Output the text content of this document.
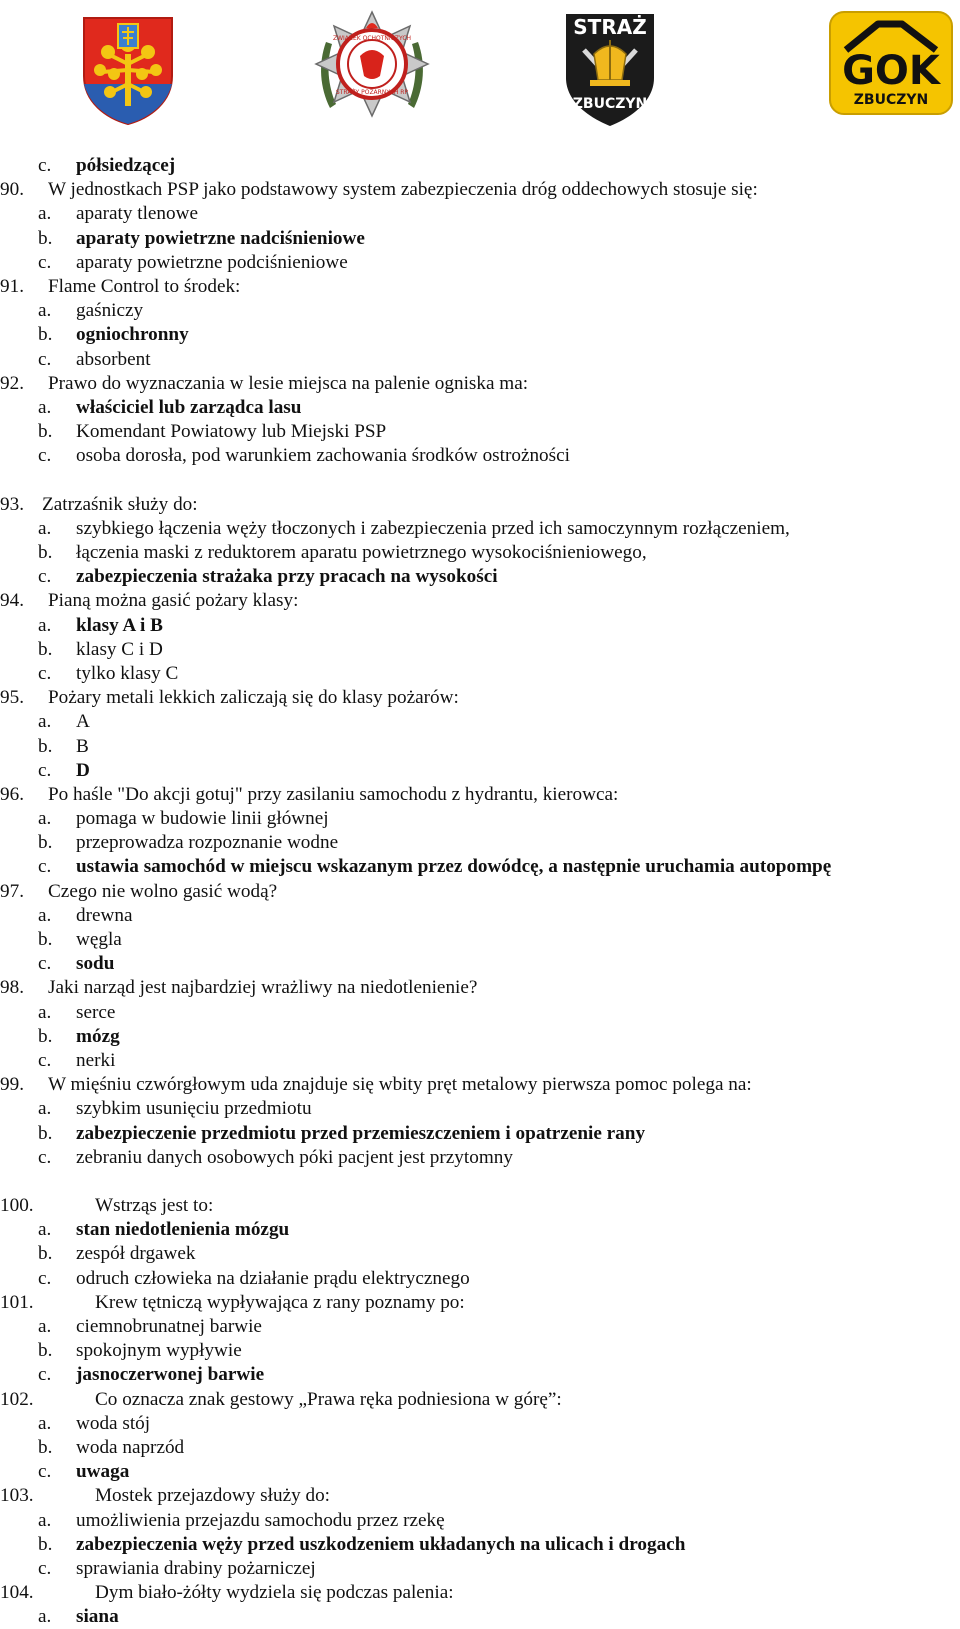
ZWIĄZEK OCHOTNICZYCH
STRAŻY POŻARNYCH RP
STRAŻ
ZBUCZYN
GOK
ZBUCZYN
c. półsiedzącej
90. W jednostkach PSP jako podstawowy system zabezpieczenia dróg oddechowych stosuje się:
a. aparaty tlenowe
b. aparaty powietrzne nadciśnieniowe
c. aparaty powietrzne podciśnieniowe
91. Flame Control to środek:
a. gaśniczy
b. ogniochronny
c. absorbent
92. Prawo do wyznaczania w lesie miejsca na palenie ogniska ma:
a. właściciel lub zarządca lasu
b. Komendant Powiatowy lub Miejski PSP
c. osoba dorosła, pod warunkiem zachowania środków ostrożności
93. Zatrzaśnik służy do:
a. szybkiego łączenia węży tłoczonych i zabezpieczenia przed ich samoczynnym rozłączeniem,
b. łączenia maski z reduktorem aparatu powietrznego wysokociśnieniowego,
c. zabezpieczenia strażaka przy pracach na wysokości
94. Pianą można gasić pożary klasy:
a. klasy A i B
b. klasy C i D
c. tylko klasy C
95. Pożary metali lekkich zaliczają się do klasy pożarów:
a. A
b. B
c. D
96. Po haśle "Do akcji gotuj" przy zasilaniu samochodu z hydrantu, kierowca:
a. pomaga w budowie linii głównej
b. przeprowadza rozpoznanie wodne
c. ustawia samochód w miejscu wskazanym przez dowódcę, a następnie uruchamia autopompę
97. Czego nie wolno gasić wodą?
a. drewna
b. węgla
c. sodu
98. Jaki narząd jest najbardziej wrażliwy na niedotlenienie?
a. serce
b. mózg
c. nerki
99. W mięśniu czwórgłowym uda znajduje się wbity pręt metalowy pierwsza pomoc polega na:
a. szybkim usunięciu przedmiotu
b. zabezpieczenie przedmiotu przed przemieszczeniem i opatrzenie rany
c. zebraniu danych osobowych póki pacjent jest przytomny
100.	Wstrząs jest to:
a. stan niedotlenienia mózgu
b. zespół drgawek
c. odruch człowieka na działanie prądu elektrycznego
101.	Krew tętniczą wypływająca z rany poznamy po:
a. ciemnobrunatnej barwie
b. spokojnym wypływie
c. jasnoczerwonej barwie
102.	Co oznacza znak gestowy „Prawa ręka podniesiona w górę”:
a. woda stój
b. woda naprzód
c. uwaga
103.	Mostek przejazdowy służy do:
a. umożliwienia przejazdu samochodu przez rzekę
b. zabezpieczenia węży przed uszkodzeniem układanych na ulicach i drogach
c. sprawiania drabiny pożarniczej
104.	Dym biało-żółty wydziela się podczas palenia:
a. siana
